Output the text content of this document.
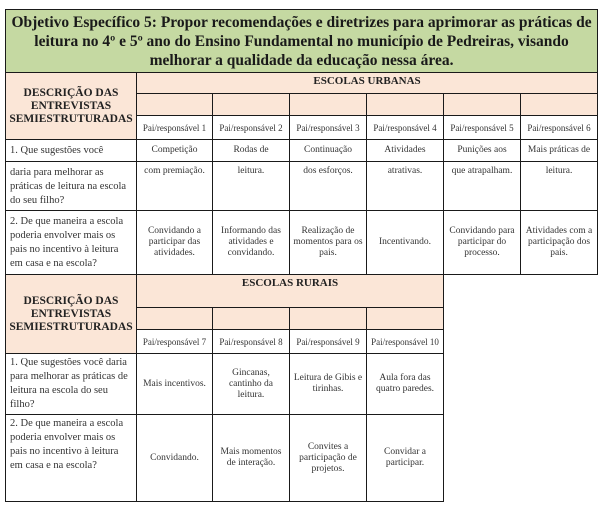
Objetivo Específico 5: Propor recomendações e diretrizes para aprimorar as práticas de leitura no 4º e 5º ano do Ensino Fundamental no município de Pedreiras, visando melhorar a qualidade da educação nessa área.						
DESCRIÇÃO DAS ENTREVISTAS SEMIESTRUTURADAS	ESCOLAS URBANAS					

	Pai/responsável 1	Pai/responsável 2	Pai/responsável 3	Pai/responsável 4	Pai/responsável 5	Pai/responsável 6
1. Que sugestões você	Competição	Rodas de	Continuação	Atividades	Punições aos	Mais práticas de
daria para melhorar as práticas de leitura na escola do seu filho?	com premiação.	leitura.	dos esforços.	atrativas.	que atrapalham.	leitura.
2. De que maneira a escola poderia envolver mais os pais no incentivo à leitura em casa e na escola?	Convidando a participar das atividades.	Informando das atividades e convidando.	Realização de momentos para os pais.	Incentivando.	Convidando para participar do processo.	Atividades com a participação dos pais.
DESCRIÇÃO DAS ENTREVISTAS SEMIESTRUTURADAS	ESCOLAS RURAIS					

	Pai/responsável 7	Pai/responsável 8	Pai/responsável 9	Pai/responsável 10		
1. Que sugestões você daria para melhorar as práticas de leitura na escola do seu filho?	Mais incentivos.	Gincanas, cantinho da leitura.	Leitura de Gibis e tirinhas.	Aula fora das quatro paredes.		
2. De que maneira a escola poderia envolver mais os pais no incentivo à leitura em casa e na escola?	Convidando.	Mais momentos de interação.	Convites a participação de projetos.	Convidar a participar.		
